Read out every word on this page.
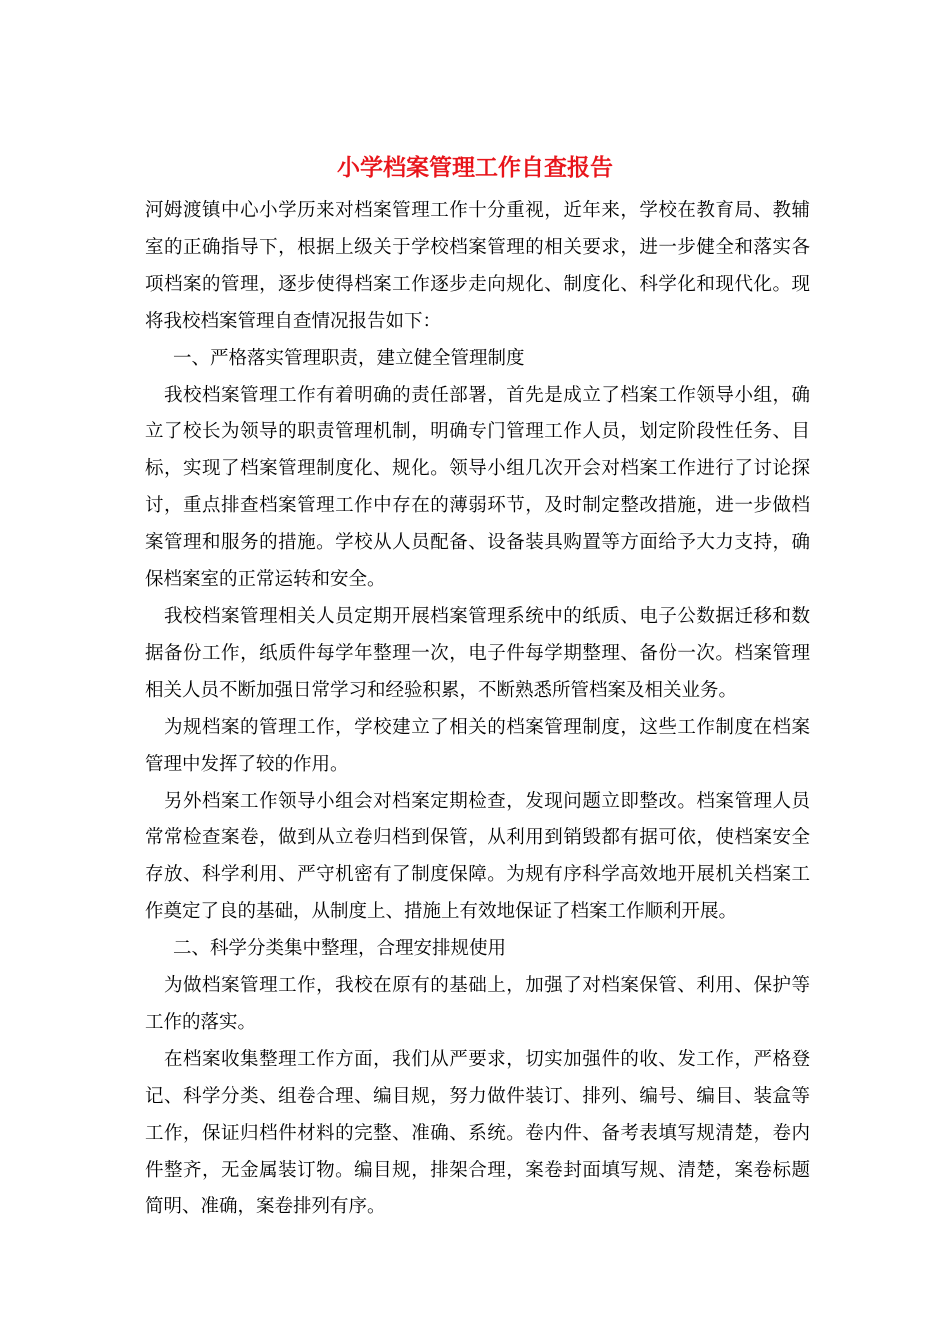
小学档案管理工作自查报告

河姆渡镇中心小学历来对档案管理工作十分重视，近年来，学校在教育局、教辅室的正确指导下，根据上级关于学校档案管理的相关要求，进一步健全和落实各项档案的管理，逐步使得档案工作逐步走向规化、制度化、科学化和现代化。现将我校档案管理自查情况报告如下：

一、严格落实管理职责，建立健全管理制度

我校档案管理工作有着明确的责任部署，首先是成立了档案工作领导小组，确立了校长为领导的职责管理机制，明确专门管理工作人员，划定阶段性任务、目标，实现了档案管理制度化、规化。领导小组几次开会对档案工作进行了讨论探讨，重点排查档案管理工作中存在的薄弱环节，及时制定整改措施，进一步做档案管理和服务的措施。学校从人员配备、设备装具购置等方面给予大力支持，确保档案室的正常运转和安全。

我校档案管理相关人员定期开展档案管理系统中的纸质、电子公数据迁移和数据备份工作，纸质件每学年整理一次，电子件每学期整理、备份一次。档案管理相关人员不断加强日常学习和经验积累，不断熟悉所管档案及相关业务。

为规档案的管理工作，学校建立了相关的档案管理制度，这些工作制度在档案管理中发挥了较的作用。

另外档案工作领导小组会对档案定期检查，发现问题立即整改。档案管理人员常常检查案卷，做到从立卷归档到保管，从利用到销毁都有据可依，使档案安全存放、科学利用、严守机密有了制度保障。为规有序科学高效地开展机关档案工作奠定了良的基础，从制度上、措施上有效地保证了档案工作顺利开展。

二、科学分类集中整理，合理安排规使用

为做档案管理工作，我校在原有的基础上，加强了对档案保管、利用、保护等工作的落实。

在档案收集整理工作方面，我们从严要求，切实加强件的收、发工作，严格登记、科学分类、组卷合理、编目规，努力做件装订、排列、编号、编目、装盒等工作，保证归档件材料的完整、准确、系统。卷内件、备考表填写规清楚，卷内件整齐，无金属装订物。编目规，排架合理，案卷封面填写规、清楚，案卷标题简明、准确，案卷排列有序。
